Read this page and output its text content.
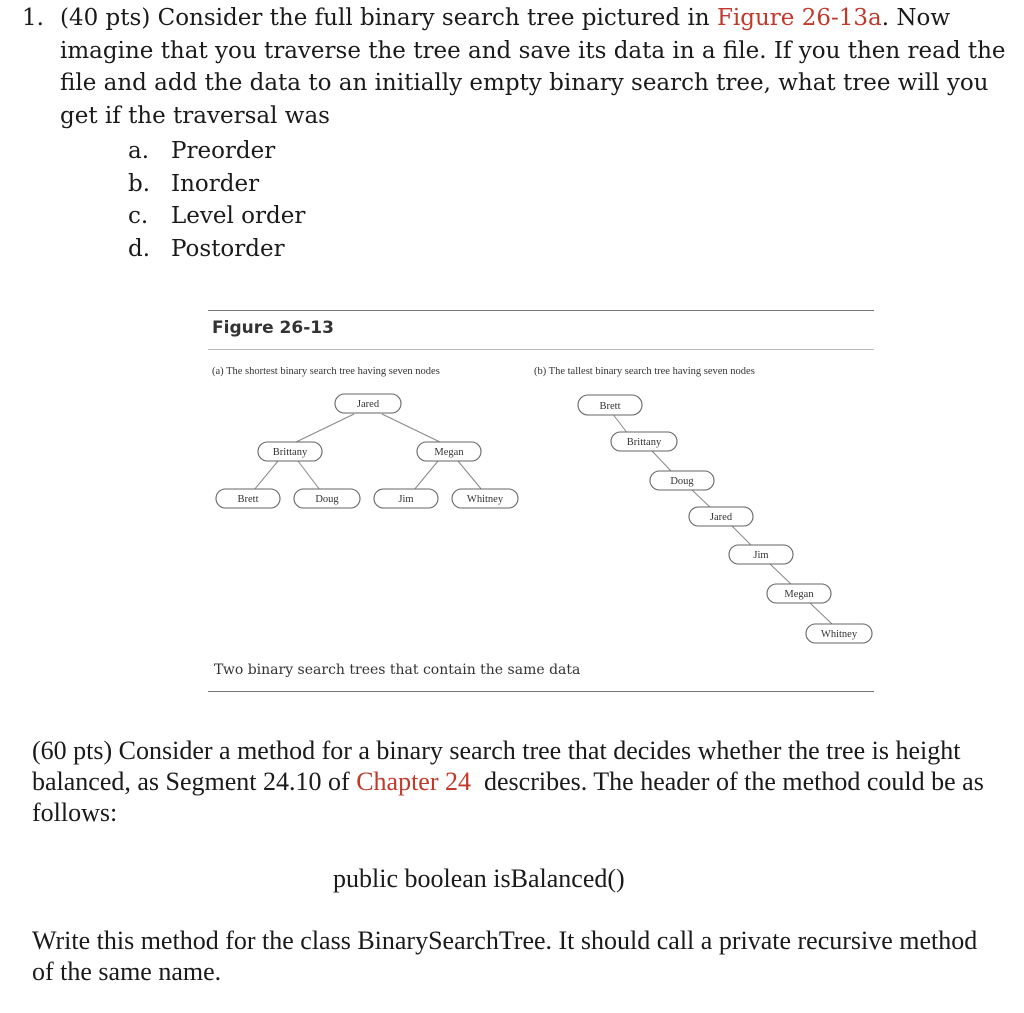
1. (40 pts) Consider the full binary search tree pictured in Figure 26-13a. Now imagine that you traverse the tree and save its data in a file. If you then read the file and add the data to an initially empty binary search tree, what tree will you get if the traversal was
a. Preorder
b. Inorder
c. Level order
d. Postorder
Figure 26-13
(a) The shortest binary search tree having seven nodes	(b) The tallest binary search tree having seven nodes
Jared
Brittany	Megan
Brett	Doug	Jim	Whitney
Brett
Brittany
Doug
Jared
Jim
Megan
Whitney
Two binary search trees that contain the same data
(60 pts) Consider a method for a binary search tree that decides whether the tree is height balanced, as Segment 24.10 of Chapter 24  describes. The header of the method could be as follows:
public boolean isBalanced()
Write this method for the class BinarySearchTree. It should call a private recursive method of the same name.
